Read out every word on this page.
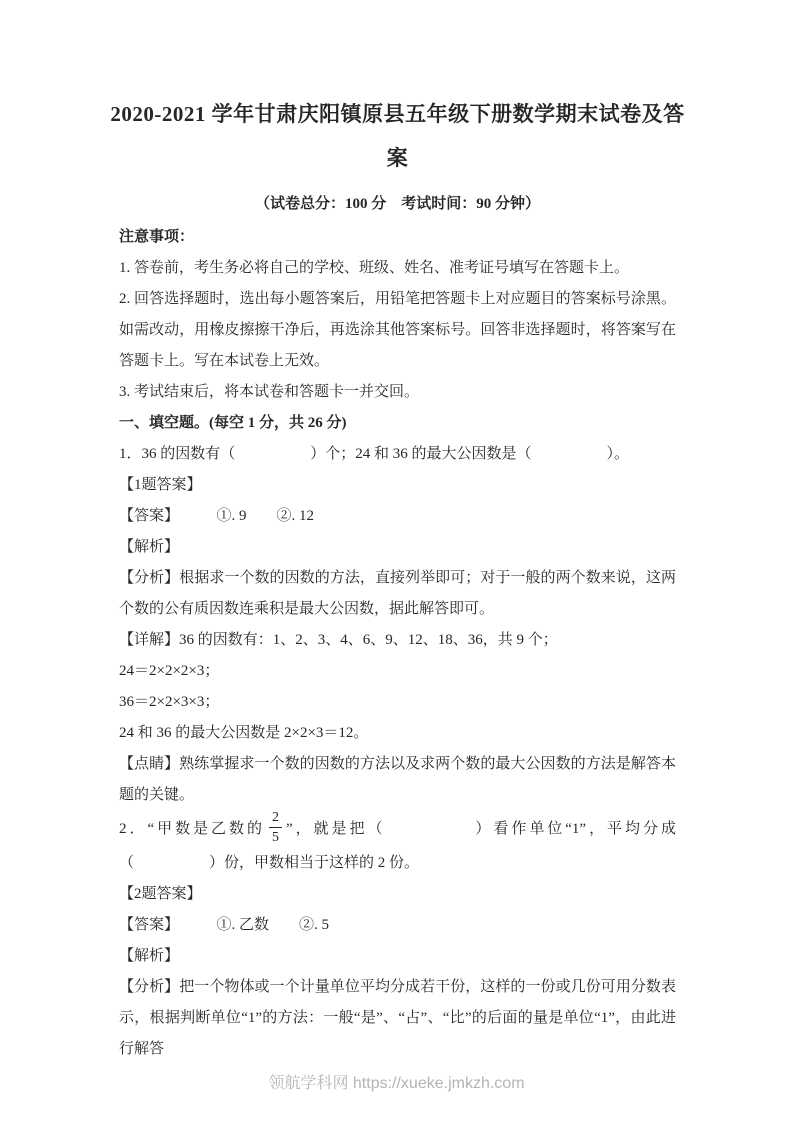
2020-2021 学年甘肃庆阳镇原县五年级下册数学期末试卷及答案

（试卷总分：100 分　考试时间：90 分钟）

注意事项：

1. 答卷前，考生务必将自己的学校、班级、姓名、准考证号填写在答题卡上。

2. 回答选择题时，选出每小题答案后，用铅笔把答题卡上对应题目的答案标号涂黑。如需改动，用橡皮擦擦干净后，再选涂其他答案标号。回答非选择题时，将答案写在答题卡上。写在本试卷上无效。

3. 考试结束后，将本试卷和答题卡一并交回。

一、填空题。(每空 1 分，共 26 分)

1．36 的因数有（　　　　　）个；24 和 36 的最大公因数是（　　　　　）。

【1题答案】

【答案】　　　①. 9　　②. 12

【解析】

【分析】根据求一个数的因数的方法，直接列举即可；对于一般的两个数来说，这两个数的公有质因数连乘积是最大公因数，据此解答即可。

【详解】36 的因数有：1、2、3、4、6、9、12、18、36，共 9 个；

24＝2×2×2×3；

36＝2×2×3×3；

24 和 36 的最大公因数是 2×2×3＝12。

【点睛】熟练掌握求一个数的因数的方法以及求两个数的最大公因数的方法是解答本题的关键。

2．“甲数是乙数的 $\frac{2}{5}$ ”，就是把（　　　　　）看作单位“1”，平均分成（　　　　　）份，甲数相当于这样的 2 份。

【2题答案】

【答案】　　　①. 乙数　　②. 5

【解析】

【分析】把一个物体或一个计量单位平均分成若干份，这样的一份或几份可用分数表示，根据判断单位“1”的方法：一般“是”、“占”、“比”的后面的量是单位“1”，由此进行解答

领航学科网 https://xueke.jmkzh.com
